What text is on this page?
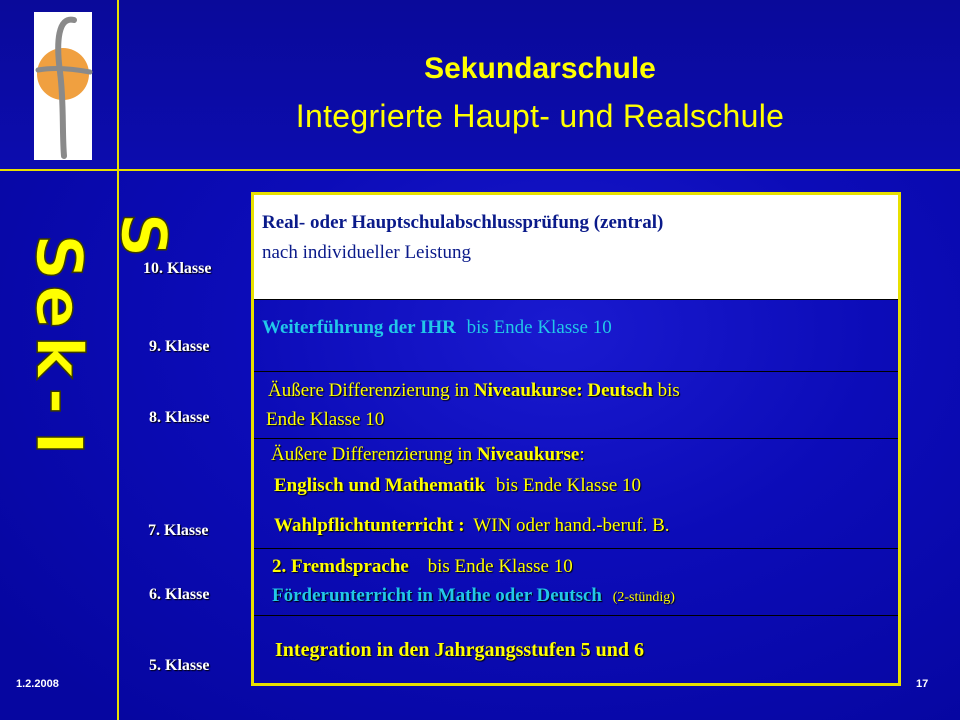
Sekundarschule
Integrierte Haupt- und Realschule
S
S
e
k
-
I
10. Klasse
9. Klasse
8. Klasse
7. Klasse
6. Klasse
5. Klasse
Real- oder Hauptschulabschlussprüfung (zentral)
nach individueller Leistung
Weiterführung der IHR bis Ende Klasse 10
Äußere Differenzierung in Niveaukurse: Deutsch bis
Ende Klasse 10
Äußere Differenzierung in Niveaukurse:
Englisch und Mathematik bis Ende Klasse 10
Wahlpflichtunterricht : WIN oder hand.-beruf. B.
2. Fremdsprache bis Ende Klasse 10
Förderunterricht in Mathe oder Deutsch (2-stündig)
Integration in den Jahrgangsstufen 5 und 6
1.2.2008	17
